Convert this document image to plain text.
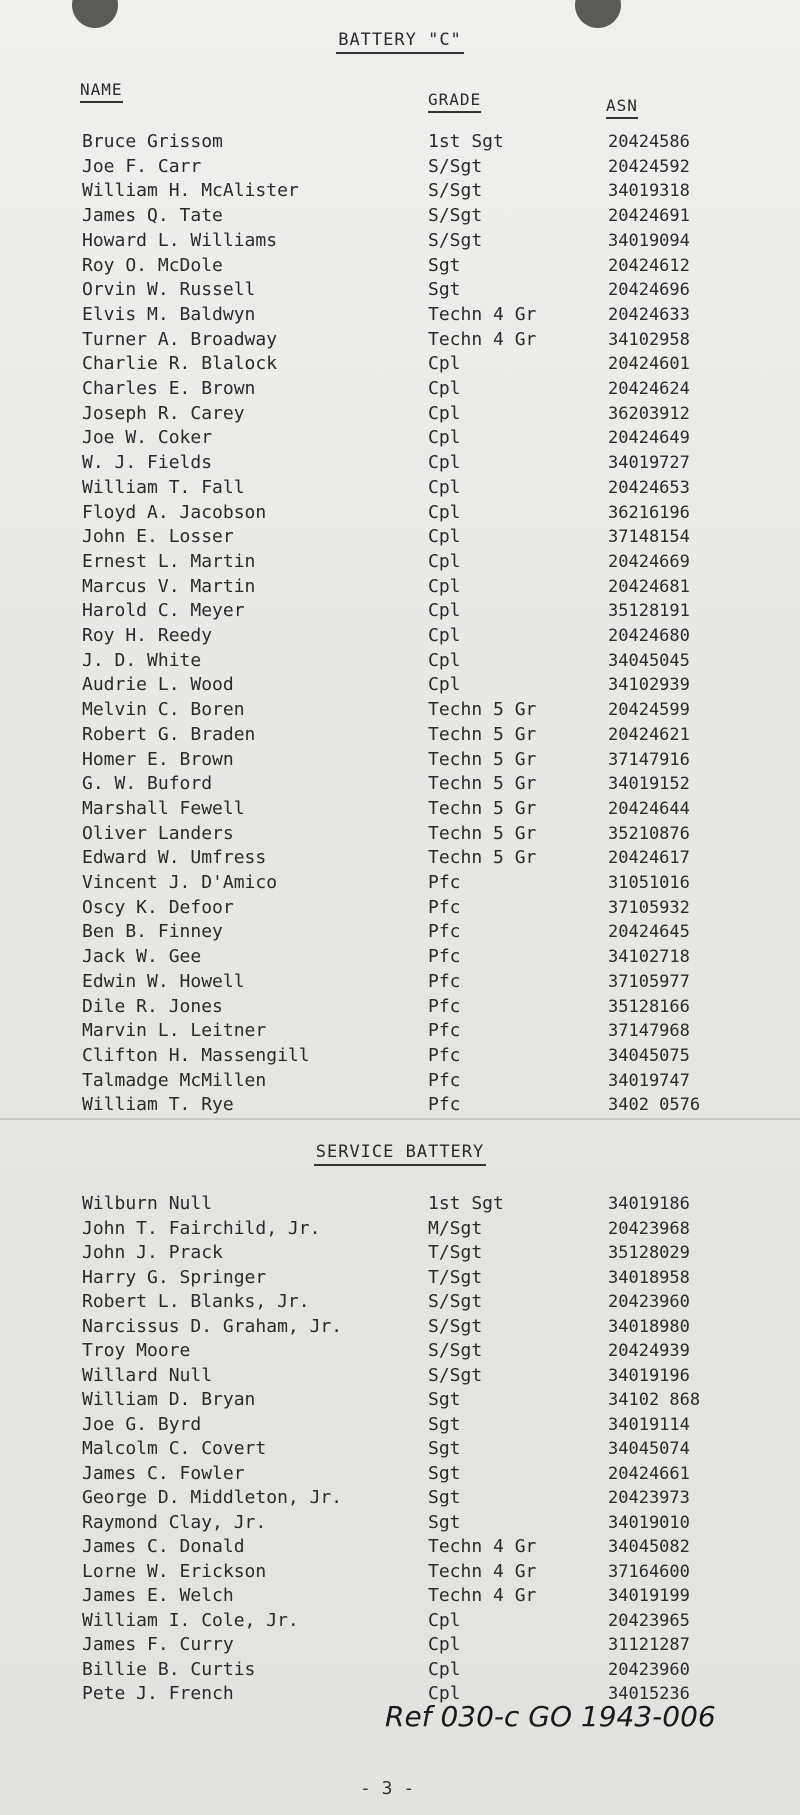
BATTERY "C"
NAME
GRADE	ASN
Bruce Grissom	1st Sgt	20424586
Joe F. Carr	S/Sgt	20424592
William H. McAlister	S/Sgt	34019318
James Q. Tate	S/Sgt	20424691
Howard L. Williams	S/Sgt	34019094
Roy O. McDole	Sgt	20424612
Orvin W. Russell	Sgt	20424696
Elvis M. Baldwyn	Techn 4 Gr	20424633
Turner A. Broadway	Techn 4 Gr	34102958
Charlie R. Blalock	Cpl	20424601
Charles E. Brown	Cpl	20424624
Joseph R. Carey	Cpl	36203912
Joe W. Coker	Cpl	20424649
W. J. Fields	Cpl	34019727
William T. Fall	Cpl	20424653
Floyd A. Jacobson	Cpl	36216196
John E. Losser	Cpl	37148154
Ernest L. Martin	Cpl	20424669
Marcus V. Martin	Cpl	20424681
Harold C. Meyer	Cpl	35128191
Roy H. Reedy	Cpl	20424680
J. D. White	Cpl	34045045
Audrie L. Wood	Cpl	34102939
Melvin C. Boren	Techn 5 Gr	20424599
Robert G. Braden	Techn 5 Gr	20424621
Homer E. Brown	Techn 5 Gr	37147916
G. W. Buford	Techn 5 Gr	34019152
Marshall Fewell	Techn 5 Gr	20424644
Oliver Landers	Techn 5 Gr	35210876
Edward W. Umfress	Techn 5 Gr	20424617
Vincent J. D'Amico	Pfc	31051016
Oscy K. Defoor	Pfc	37105932
Ben B. Finney	Pfc	20424645
Jack W. Gee	Pfc	34102718
Edwin W. Howell	Pfc	37105977
Dile R. Jones	Pfc	35128166
Marvin L. Leitner	Pfc	37147968
Clifton H. Massengill	Pfc	34045075
Talmadge McMillen	Pfc	34019747
William T. Rye	Pfc	3402 0576
SERVICE BATTERY
Wilburn Null	1st Sgt	34019186
John T. Fairchild, Jr.	M/Sgt	20423968
John J. Prack	T/Sgt	35128029
Harry G. Springer	T/Sgt	34018958
Robert L. Blanks, Jr.	S/Sgt	20423960
Narcissus D. Graham, Jr.	S/Sgt	34018980
Troy Moore	S/Sgt	20424939
Willard Null	S/Sgt	34019196
William D. Bryan	Sgt	34102 868
Joe G. Byrd	Sgt	34019114
Malcolm C. Covert	Sgt	34045074
James C. Fowler	Sgt	20424661
George D. Middleton, Jr.	Sgt	20423973
Raymond Clay, Jr.	Sgt	34019010
James C. Donald	Techn 4 Gr	34045082
Lorne W. Erickson	Techn 4 Gr	37164600
James E. Welch	Techn 4 Gr	34019199
William I. Cole, Jr.	Cpl	20423965
James F. Curry	Cpl	31121287
Billie B. Curtis	Cpl	20423960
Pete J. French	Cpl	34015236
Ref 030-c GO 1943-006
- 3 -
